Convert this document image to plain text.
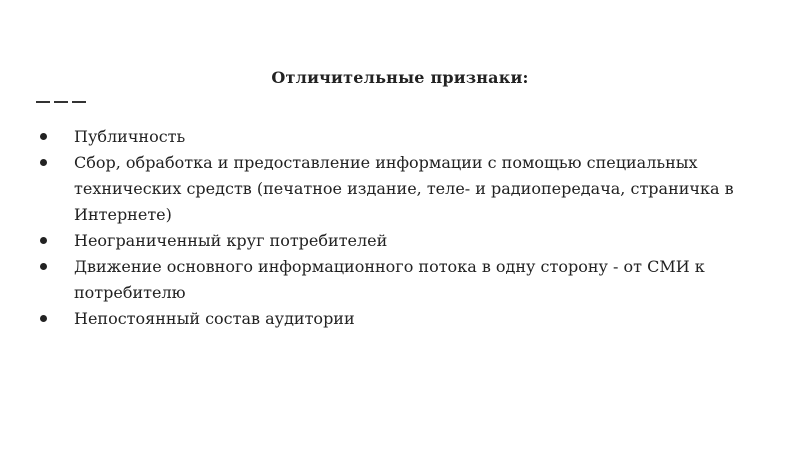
Отличительные признаки:
Публичность
Сбор, обработка и предоставление информации с помощью специальных технических средств (печатное издание, теле- и радиопередача, страничка в Интернете)
Неограниченный круг потребителей
Движение основного информационного потока в одну сторону - от СМИ к потребителю
Непостоянный состав аудитории
